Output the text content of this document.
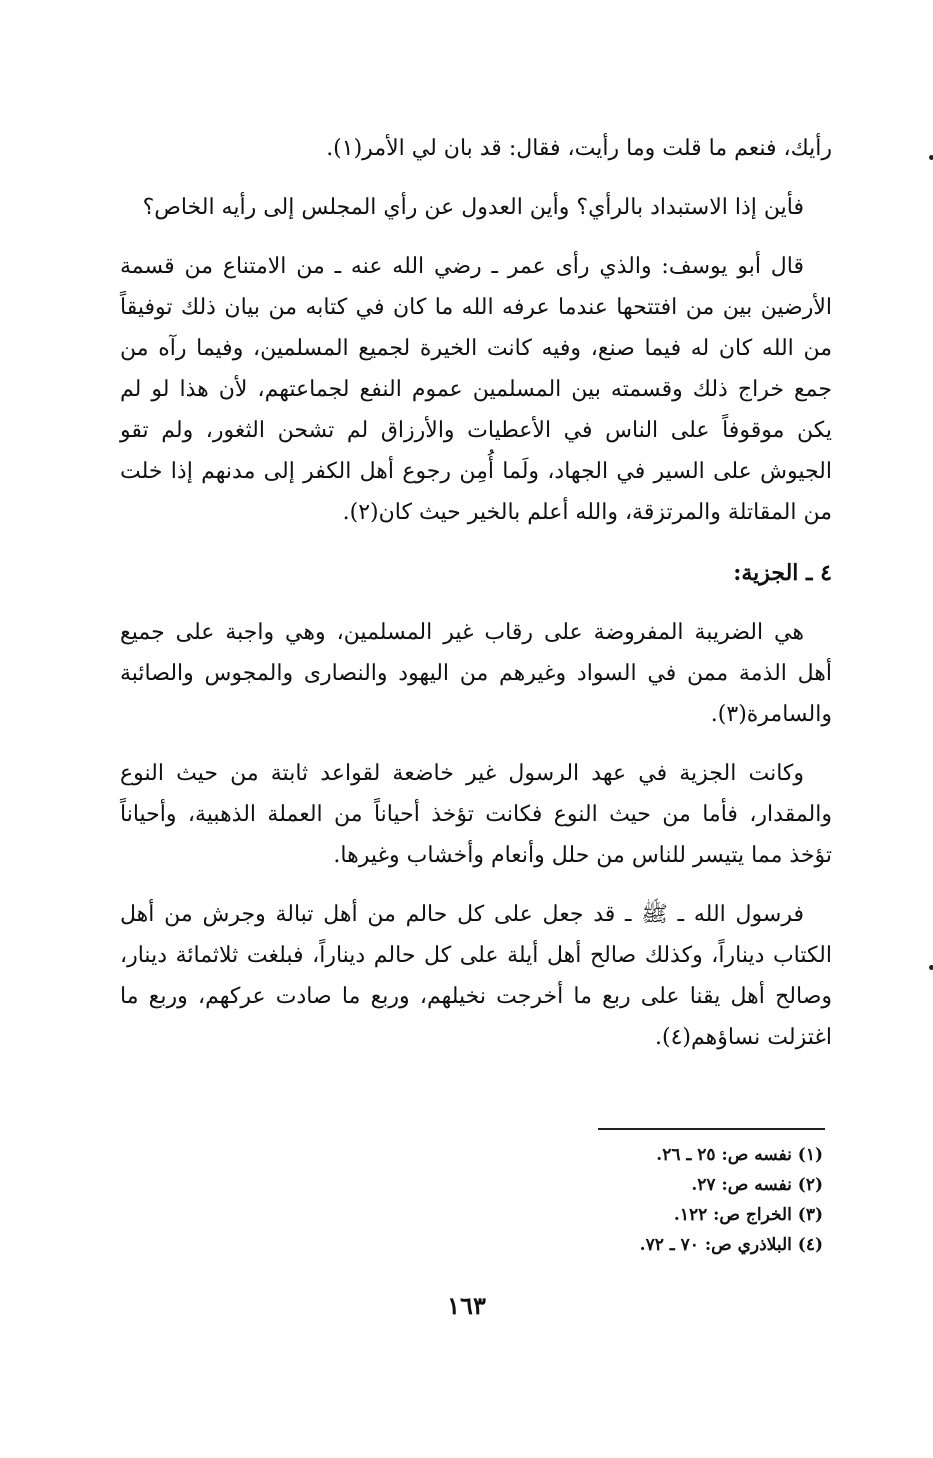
رأيك، فنعم ما قلت وما رأيت، فقال: قد بان لي الأمر(١).

فأين إذا الاستبداد بالرأي؟ وأين العدول عن رأي المجلس إلى رأيه الخاص؟

قال أبو يوسف: والذي رأى عمر ـ رضي الله عنه ـ من الامتناع من قسمة الأرضين بين من افتتحها عندما عرفه الله ما كان في كتابه من بيان ذلك توفيقاً من الله كان له فيما صنع، وفيه كانت الخيرة لجميع المسلمين، وفيما رآه من جمع خراج ذلك وقسمته بين المسلمين عموم النفع لجماعتهم، لأن هذا لو لم يكن موقوفاً على الناس في الأعطيات والأرزاق لم تشحن الثغور، ولم تقو الجيوش على السير في الجهاد، ولَما أُمِن رجوع أهل الكفر إلى مدنهم إذا خلت من المقاتلة والمرتزقة، والله أعلم بالخير حيث كان(٢).

٤ ـ الجزية:

هي الضريبة المفروضة على رقاب غير المسلمين، وهي واجبة على جميع أهل الذمة ممن في السواد وغيرهم من اليهود والنصارى والمجوس والصائبة والسامرة(٣).

وكانت الجزية في عهد الرسول غير خاضعة لقواعد ثابتة من حيث النوع والمقدار، فأما من حيث النوع فكانت تؤخذ أحياناً من العملة الذهبية، وأحياناً تؤخذ مما يتيسر للناس من حلل وأنعام وأخشاب وغيرها.

فرسول الله ـ ﷺ ـ قد جعل على كل حالم من أهل تبالة وجرش من أهل الكتاب ديناراً، وكذلك صالح أهل أيلة على كل حالم ديناراً، فبلغت ثلاثمائة دينار، وصالح أهل يقنا على ربع ما أخرجت نخيلهم، وربع ما صادت عركهم، وربع ما اغتزلت نساؤهم(٤).

(١) نفسه ص: ٢٥ ـ ٢٦.
(٢) نفسه ص: ٢٧.
(٣) الخراج ص: ١٢٢.
(٤) البلاذري ص: ٧٠ ـ ٧٢.
١٦٣
